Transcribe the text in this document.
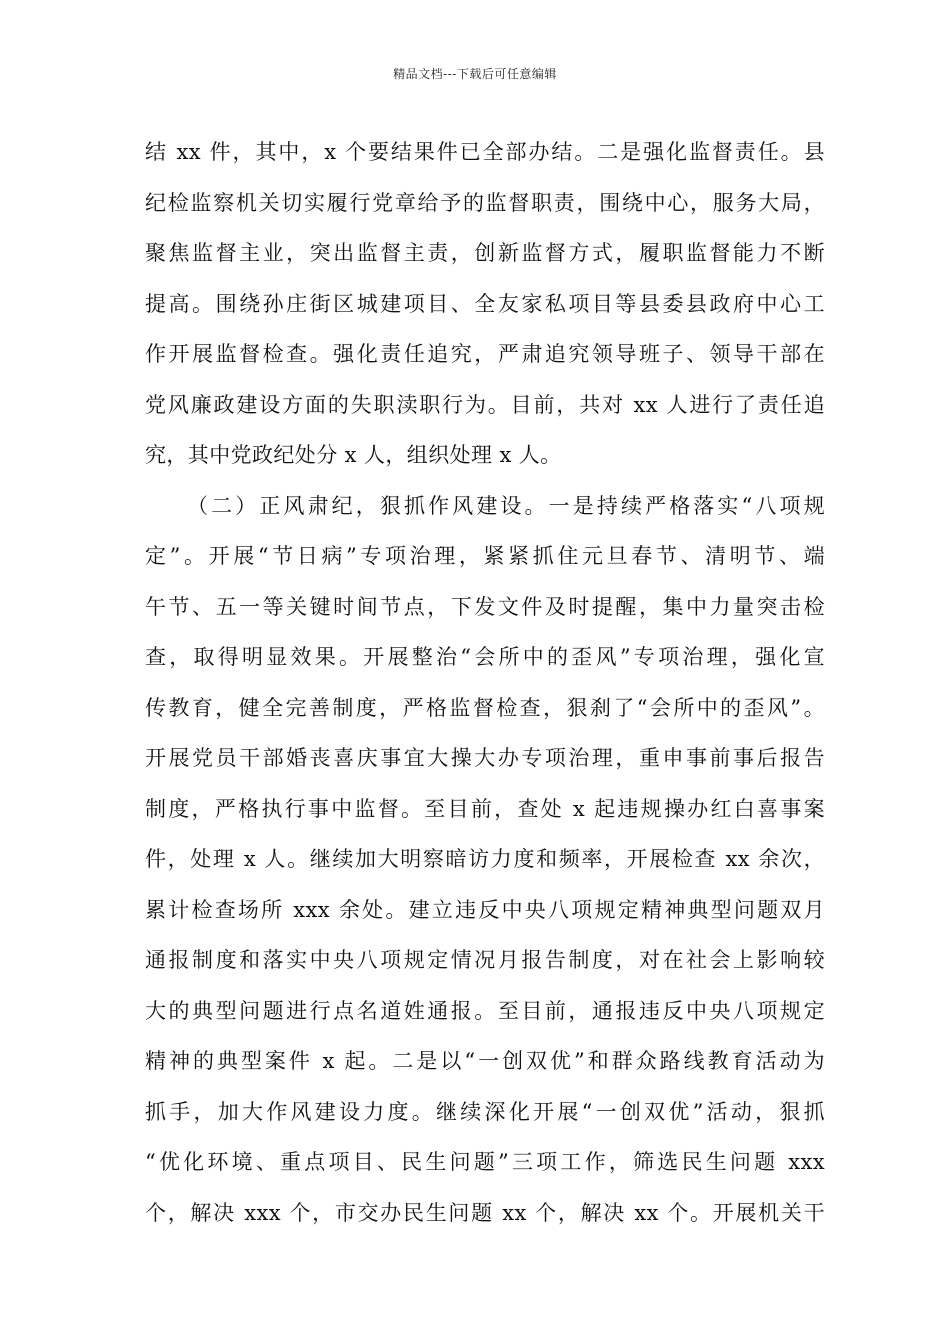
精品文档---下载后可任意编辑
结 xx 件，其中，x 个要结果件已全部办结。二是强化监督责任。县
纪检监察机关切实履行党章给予的监督职责，围绕中心，服务大局，
聚焦监督主业，突出监督主责，创新监督方式，履职监督能力不断
提高。围绕孙庄街区城建项目、全友家私项目等县委县政府中心工
作开展监督检查。强化责任追究，严肃追究领导班子、领导干部在
党风廉政建设方面的失职渎职行为。目前，共对 xx 人进行了责任追
究，其中党政纪处分 x 人，组织处理 x 人。
（二）正风肃纪，狠抓作风建设。一是持续严格落实“八项规
定”。开展“节日病”专项治理，紧紧抓住元旦春节、清明节、端
午节、五一等关键时间节点，下发文件及时提醒，集中力量突击检
查，取得明显效果。开展整治“会所中的歪风”专项治理，强化宣
传教育，健全完善制度，严格监督检查，狠刹了“会所中的歪风”。
开展党员干部婚丧喜庆事宜大操大办专项治理，重申事前事后报告
制度，严格执行事中监督。至目前，查处 x 起违规操办红白喜事案
件，处理 x 人。继续加大明察暗访力度和频率，开展检查 xx 余次，
累计检查场所 xxx 余处。建立违反中央八项规定精神典型问题双月
通报制度和落实中央八项规定情况月报告制度，对在社会上影响较
大的典型问题进行点名道姓通报。至目前，通报违反中央八项规定
精神的典型案件 x 起。二是以“一创双优”和群众路线教育活动为
抓手，加大作风建设力度。继续深化开展“一创双优”活动，狠抓
“优化环境、重点项目、民生问题”三项工作，筛选民生问题 xxx
个，解决 xxx 个，市交办民生问题 xx 个，解决 xx 个。开展机关干
